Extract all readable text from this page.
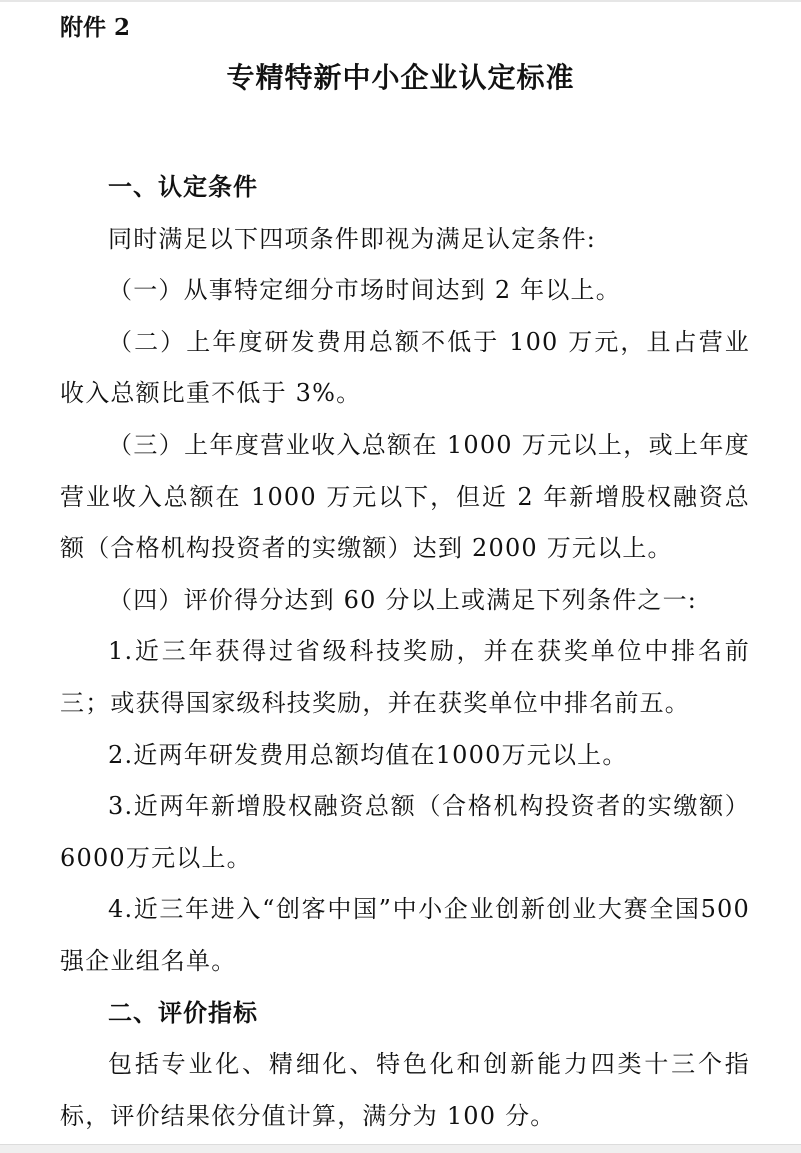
附件 2
专精特新中小企业认定标准
一、认定条件

同时满足以下四项条件即视为满足认定条件:

（一）从事特定细分市场时间达到 2 年以上。

（二）上年度研发费用总额不低于 100 万元，且占营业收入总额比重不低于 3%。

（三）上年度营业收入总额在 1000 万元以上，或上年度营业收入总额在 1000 万元以下，但近 2 年新增股权融资总额（合格机构投资者的实缴额）达到 2000 万元以上。

（四）评价得分达到 60 分以上或满足下列条件之一:

1.近三年获得过省级科技奖励，并在获奖单位中排名前三；或获得国家级科技奖励，并在获奖单位中排名前五。

2.近两年研发费用总额均值在1000万元以上。

3.近两年新增股权融资总额（合格机构投资者的实缴额）6000万元以上。

4.近三年进入“创客中国”中小企业创新创业大赛全国500强企业组名单。

二、评价指标

包括专业化、精细化、特色化和创新能力四类十三个指标，评价结果依分值计算，满分为 100 分。
